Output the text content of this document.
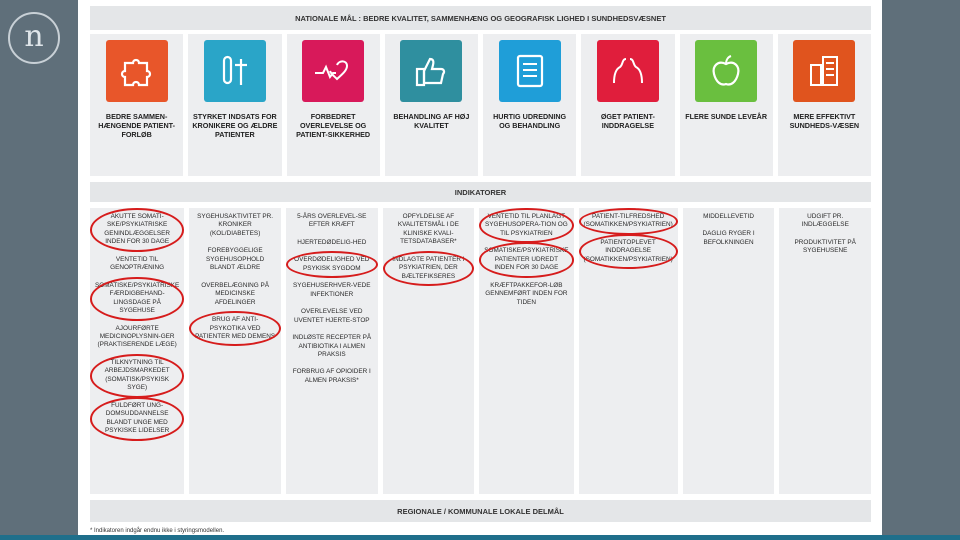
n
NATIONALE MÅL : BEDRE KVALITET, SAMMENHÆNG OG GEOGRAFISK LIGHED I SUNDHEDSVÆSNET
BEDRE SAMMEN-HÆNGENDE PATIENT-FORLØB
STYRKET INDSATS FOR KRONIKERE OG ÆLDRE PATIENTER
FORBEDRET OVERLEVELSE OG PATIENT-SIKKERHED
BEHANDLING AF HØJ KVALITET
HURTIG UDREDNING OG BEHANDLING
ØGET PATIENT-INDDRAGELSE
FLERE SUNDE LEVEÅR	MERE EFFEKTIVT SUNDHEDS-VÆSEN
INDIKATORER
AKUTTE SOMATI-SKE/PSYKIATRISKE GENINDLÆGGELSER INDEN FOR 30 DAGE
VENTETID TIL GENOPTRÆNING
SOMATISKE/PSYKIATRISKE FÆRDIGBEHAND-LINGSDAGE PÅ SYGEHUSE
AJOURFØRTE MEDICINOPLYSNIN-GER (PRAKTISERENDE LÆGE)
TILKNYTNING TIL ARBEJDSMARKEDET (SOMATISK/PSYKISK SYGE)
FULDFØRT UNG-DOMSUDDANNELSE BLANDT UNGE MED PSYKISKE LIDELSER
SYGEHUSAKTIVITET PR. KRONIKER (KOL/DIABETES)
FOREBYGGELIGE SYGEHUSOPHOLD BLANDT ÆLDRE
OVERBELÆGNING PÅ MEDICINSKE AFDELINGER
BRUG AF ANTI-PSYKOTIKA VED PATIENTER MED DEMENS
5-ÅRS OVERLEVEL-SE EFTER KRÆFT
HJERTEDØDELIG-HED
OVERDØDELIGHED VED PSYKISK SYGDOM
SYGEHUSERHVER-VEDE INFEKTIONER
OVERLEVELSE VED UVENTET HJERTE-STOP
INDLØSTE RECEPTER PÅ ANTIBIOTIKA I ALMEN PRAKSIS
FORBRUG AF OPIOIDER I ALMEN PRAKSIS*
OPFYLDELSE AF KVALITETSMÅL I DE KLINISKE KVALI-TETSDATABASER*
INDLAGTE PATIENTER I PSYKIATRIEN, DER BÆLTEFIKSERES
VENTETID TIL PLANLAGT SYGEHUSOPERA-TION OG TIL PSYKIATRIEN
SOMATISKE/PSYKIATRISKE PATIENTER UDREDT INDEN FOR 30 DAGE
KRÆFTPAKKEFOR-LØB GENNEMFØRT INDEN FOR TIDEN
PATIENT-TILFREDSHED (SOMATIKKEN/PSYKIATRIEN)
PATIENTOPLEVET INDDRAGELSE (SOMATIKKEN/PSYKIATRIEN)
MIDDELLEVETID
DAGLIG RYGER I BEFOLKNINGEN
UDGIFT PR. INDLÆGGELSE
PRODUKTIVITET PÅ SYGEHUSENE
REGIONALE / KOMMUNALE LOKALE DELMÅL
* Indikatoren indgår endnu ikke i styringsmodellen.
